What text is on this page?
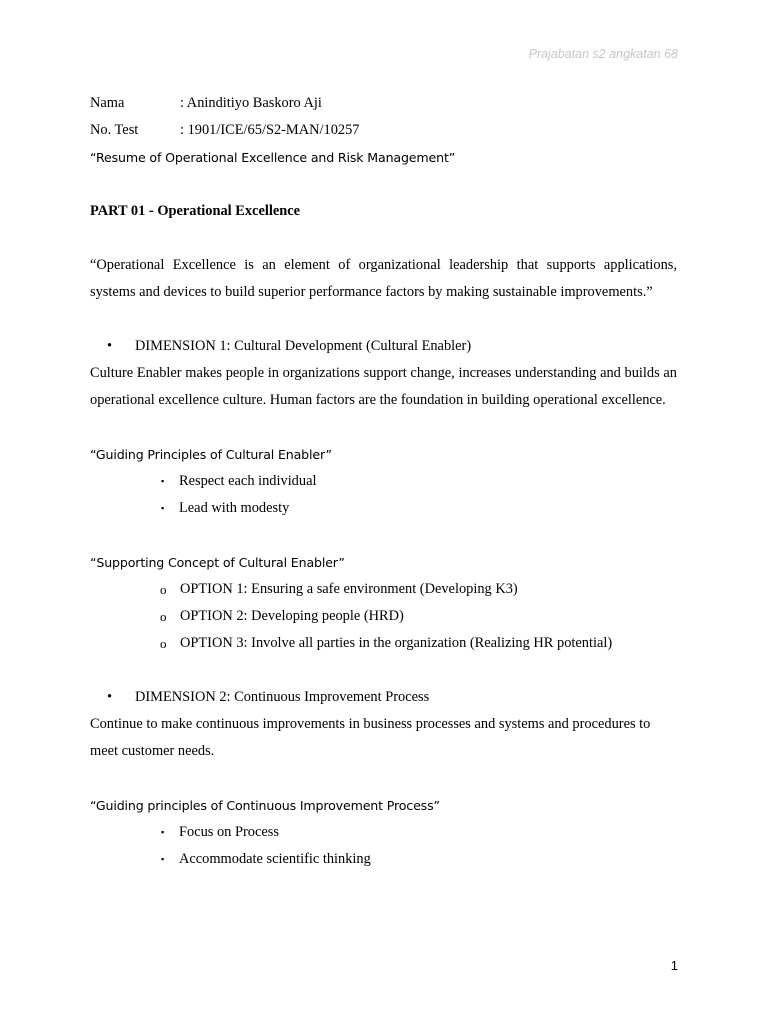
Prajabatan s2 angkatan 68
Nama	: Aninditiyo Baskoro Aji
No. Test	: 1901/ICE/65/S2-MAN/10257
“Resume of Operational Excellence and Risk Management”
PART 01 - Operational Excellence
“Operational Excellence is an element of organizational leadership that supports applications, systems and devices to build superior performance factors by making sustainable improvements.”
•	DIMENSION 1: Cultural Development (Cultural Enabler)
Culture Enabler makes people in organizations support change, increases understanding and builds an operational excellence culture. Human factors are the foundation in building operational excellence.
“Guiding Principles of Cultural Enabler”
▪	Respect each individual
▪	Lead with modesty
“Supporting Concept of Cultural Enabler”
o OPTION 1: Ensuring a safe environment (Developing K3)
o OPTION 2: Developing people (HRD)
o OPTION 3: Involve all parties in the organization (Realizing HR potential)
•	DIMENSION 2: Continuous Improvement Process
Continue to make continuous improvements in business processes and systems and procedures to meet customer needs.
“Guiding principles of Continuous Improvement Process”
▪	Focus on Process
▪	Accommodate scientific thinking
1
